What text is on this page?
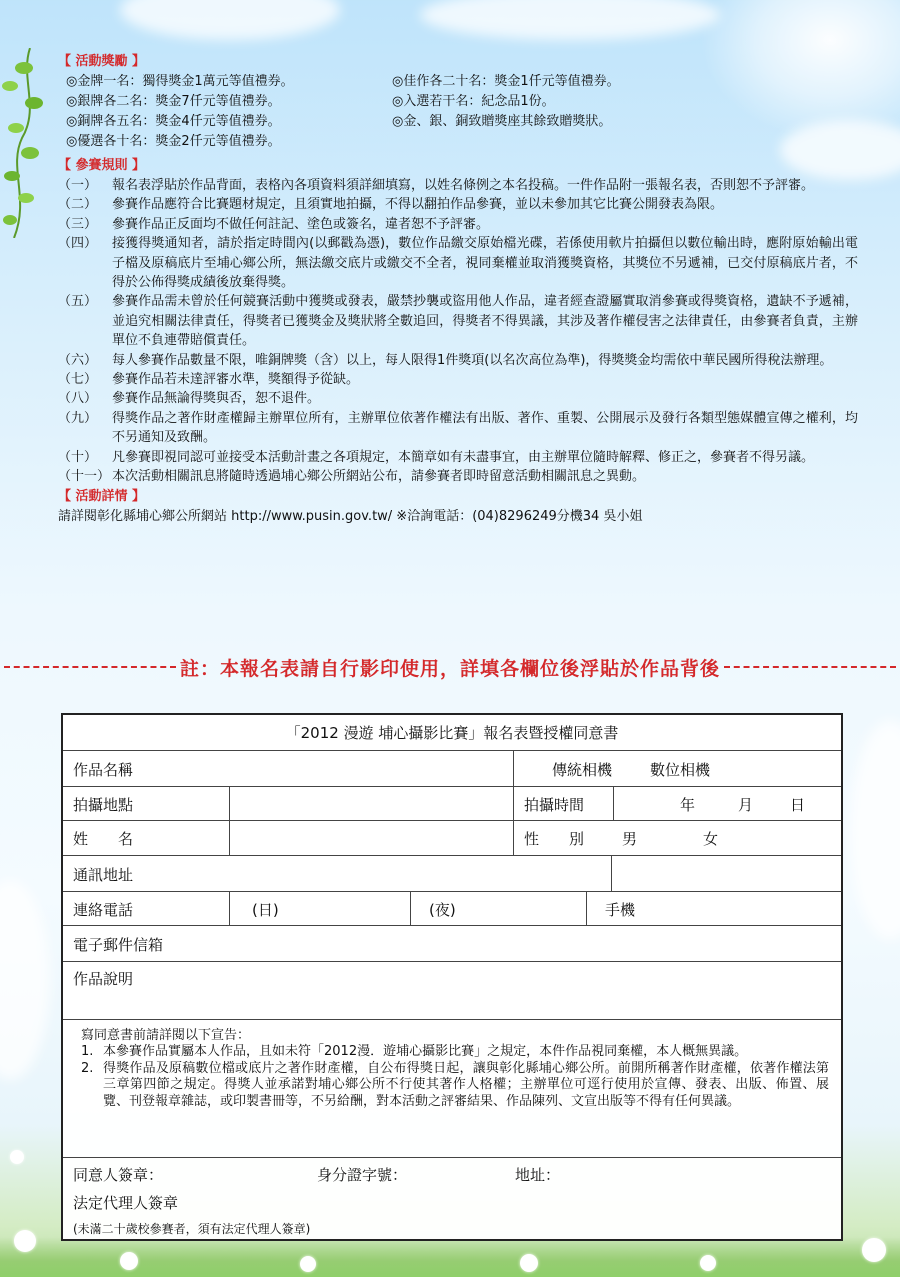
【 活動獎勵 】
◎金牌一名：獨得獎金1萬元等值禮券。	◎佳作各二十名：獎金1仟元等值禮券。
◎銀牌各二名：獎金7仟元等值禮券。	◎入選若干名：紀念品1份。
◎銅牌各五名：獎金4仟元等值禮券。	◎金、銀、銅致贈獎座其餘致贈獎狀。
◎優選各十名：獎金2仟元等值禮券。
【 參賽規則 】
（一）	報名表浮貼於作品背面，表格內各項資料須詳細填寫，以姓名條例之本名投稿。一件作品附一張報名表，否則恕不予評審。
（二）	參賽作品應符合比賽題材規定，且須實地拍攝，不得以翻拍作品參賽，並以未參加其它比賽公開發表為限。
（三）	參賽作品正反面均不做任何註記、塗色或簽名，違者恕不予評審。
（四）	接獲得獎通知者，請於指定時間內(以郵戳為憑)，數位作品繳交原始檔光碟，若係使用軟片拍攝但以數位輸出時，應附原始輸出電子檔及原稿底片至埔心鄉公所，無法繳交底片或繳交不全者，視同棄權並取消獲獎資格，其獎位不另遞補，已交付原稿底片者，不得於公佈得獎成績後放棄得獎。
（五）	參賽作品需未曾於任何競賽活動中獲獎或發表，嚴禁抄襲或盜用他人作品，違者經查證屬實取消參賽或得獎資格，遺缺不予遞補，並追究相關法律責任，得獎者已獲獎金及獎狀將全數追回，得獎者不得異議，其涉及著作權侵害之法律責任，由參賽者負責，主辦單位不負連帶賠償責任。
（六）	每人參賽作品數量不限，唯銅牌獎（含）以上，每人限得1件獎項(以名次高位為準)，得獎獎金均需依中華民國所得稅法辦理。
（七）	參賽作品若未達評審水準，獎額得予從缺。
（八）	參賽作品無論得獎與否，恕不退件。
（九）	得獎作品之著作財產權歸主辦單位所有，主辦單位依著作權法有出版、著作、重製、公開展示及發行各類型態媒體宣傳之權利，均不另通知及致酬。
（十）	凡參賽即視同認可並接受本活動計畫之各項規定，本簡章如有未盡事宜，由主辦單位隨時解釋、修正之，參賽者不得另議。
（十一） 本次活動相關訊息將隨時透過埔心鄉公所網站公布，請參賽者即時留意活動相關訊息之異動。
【 活動詳情 】
請詳閱彰化縣埔心鄉公所網站 http://www.pusin.gov.tw/ ※洽詢電話：(04)8296249分機34 吳小姐
註：本報名表請自行影印使用，詳填各欄位後浮貼於作品背後
「2012 漫遊 埔心攝影比賽」報名表暨授權同意書
作品名稱	傳統相機	數位相機
拍攝地點	拍攝時間	年	月 日
姓　　名	性　　別	男	女
通訊地址
連絡電話	(日)	(夜)	手機
電子郵件信箱
作品說明
寫同意書前請詳閱以下宣告：
1. 本參賽作品實屬本人作品，且如未符「2012漫．遊埔心攝影比賽」之規定，本件作品視同棄權，本人概無異議。
2. 得獎作品及原稿數位檔或底片之著作財產權，自公布得獎日起，讓與彰化縣埔心鄉公所。前開所稱著作財產權，依著作權法第三章第四節之規定。得獎人並承諾對埔心鄉公所不行使其著作人格權；主辦單位可逕行使用於宣傳、發表、出版、佈置、展覽、刊登報章雜誌，或印製書冊等，不另給酬，對本活動之評審結果、作品陳列、文宣出版等不得有任何異議。
同意人簽章：	身分證字號：	地址：
法定代理人簽章
(未滿二十歲校參賽者，須有法定代理人簽章)
